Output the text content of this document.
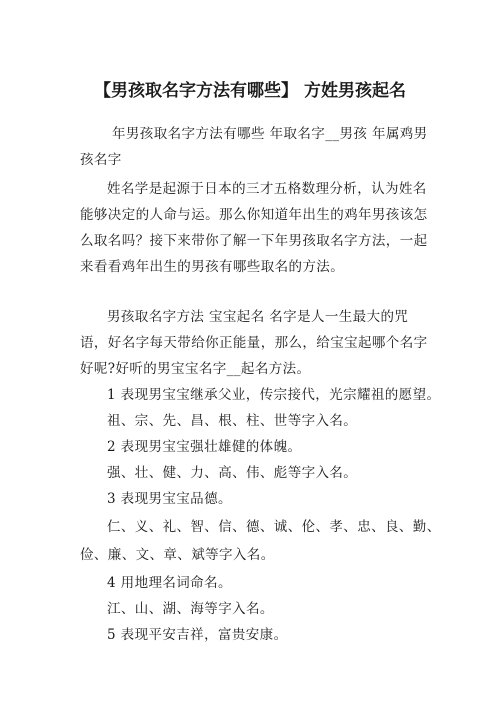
【男孩取名字方法有哪些】 方姓男孩起名
年男孩取名字方法有哪些 年取名字__男孩 年属鸡男
孩名字
姓名学是起源于日本的三才五格数理分析，认为姓名
能够决定的人命与运。那么你知道年出生的鸡年男孩该怎
么取名吗？接下来带你了解一下年男孩取名字方法，一起
来看看鸡年出生的男孩有哪些取名的方法。
男孩取名字方法 宝宝起名 名字是人一生最大的咒
语，好名字每天带给你正能量，那么，给宝宝起哪个名字
好呢?好听的男宝宝名字__起名方法。
1 表现男宝宝继承父业，传宗接代，光宗耀祖的愿望。
祖、宗、先、昌、根、柱、世等字入名。
2 表现男宝宝强壮雄健的体魄。
强、壮、健、力、高、伟、彪等字入名。
3 表现男宝宝品德。
仁、义、礼、智、信、德、诚、伦、孝、忠、良、勤、
俭、廉、文、章、斌等字入名。
4 用地理名词命名。
江、山、湖、海等字入名。
5 表现平安吉祥，富贵安康。
